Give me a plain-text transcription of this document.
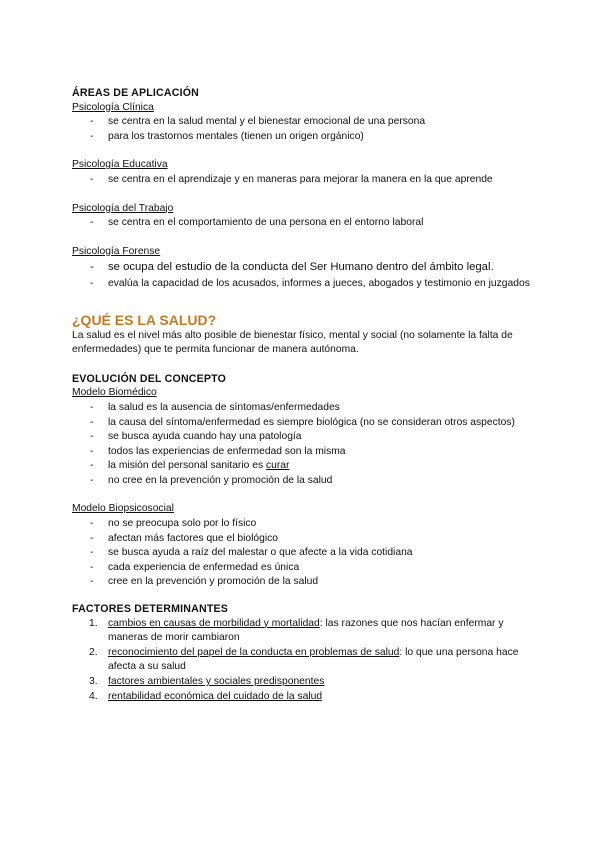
ÁREAS DE APLICACIÓN
Psicología Clínica
- se centra en la salud mental y el bienestar emocional de una persona
- para los trastornos mentales (tienen un origen orgánico)
Psicología Educativa
- se centra en el aprendizaje y en maneras para mejorar la manera en la que aprende
Psicología del Trabajo
- se centra en el comportamiento de una persona en el entorno laboral
Psicología Forense
- se ocupa del estudio de la conducta del Ser Humano dentro del ámbito legal.
- evalúa la capacidad de los acusados, informes a jueces, abogados y testimonio en juzgados
¿QUÉ ES LA SALUD?

La salud es el nivel más alto posible de bienestar físico, mental y social (no solamente la falta de enfermedades) que te permita funcionar de manera autónoma.

EVOLUCIÓN DEL CONCEPTO
Modelo Biomédico
- la salud es la ausencia de síntomas/enfermedades
- la causa del síntoma/enfermedad es siempre biológica (no se consideran otros aspectos)
- se busca ayuda cuando hay una patología
- todos las experiencias de enfermedad son la misma
- la misión del personal sanitario es curar
- no cree en la prevención y promoción de la salud
Modelo Biopsicosocial
- no se preocupa solo por lo físico
- afectan más factores que el biológico
- se busca ayuda a raíz del malestar o que afecte a la vida cotidiana
- cada experiencia de enfermedad es única
- cree en la prevención y promoción de la salud
FACTORES DETERMINANTES
1. cambios en causas de morbilidad y mortalidad: las razones que nos hacían enfermar y maneras de morir cambiaron
2. reconocimiento del papel de la conducta en problemas de salud: lo que una persona hace afecta a su salud
3. factores ambientales y sociales predisponentes
4. rentabilidad económica del cuidado de la salud
